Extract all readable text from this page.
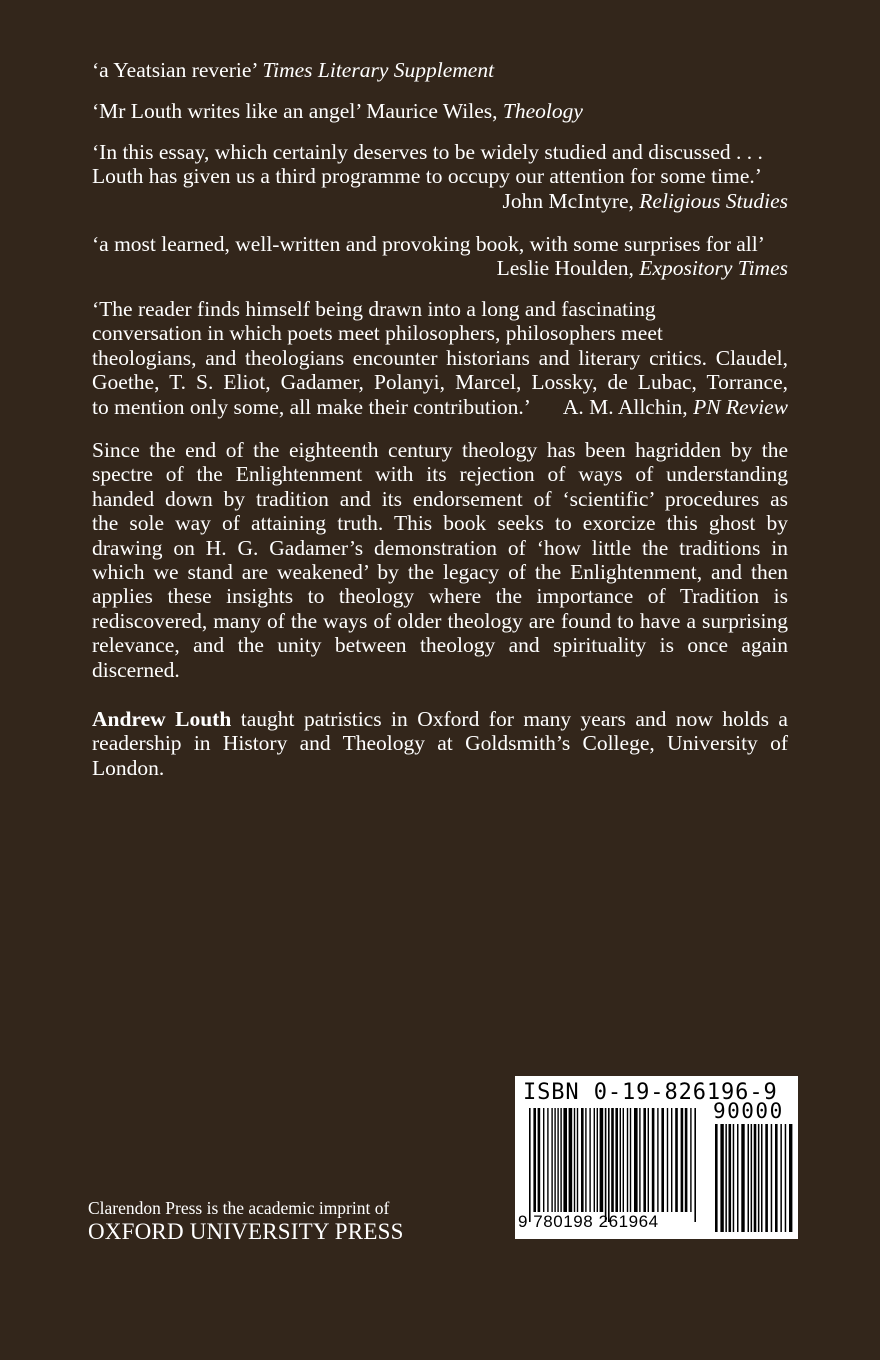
‘a Yeatsian reverie’ Times Literary Supplement

‘Mr Louth writes like an angel’ Maurice Wiles, Theology

‘In this essay, which certainly deserves to be widely studied and discussed . . .
Louth has given us a third programme to occupy our attention for some time.’
John McIntyre, Religious Studies

‘a most learned, well-written and provoking book, with some surprises for all’
Leslie Houlden, Expository Times

‘The reader finds himself being drawn into a long and fascinating
conversation in which poets meet philosophers, philosophers meet
theologians, and theologians encounter historians and literary critics. Claudel,
Goethe, T. S. Eliot, Gadamer, Polanyi, Marcel, Lossky, de Lubac, Torrance,
to mention only some, all make their contribution.’ A. M. Allchin, PN Review

Since the end of the eighteenth century theology has been hagridden by the
spectre of the Enlightenment with its rejection of ways of understanding
handed down by tradition and its endorsement of ‘scientific’ procedures as
the sole way of attaining truth. This book seeks to exorcize this ghost by
drawing on H. G. Gadamer’s demonstration of ‘how little the traditions in
which we stand are weakened’ by the legacy of the Enlightenment, and then
applies these insights to theology where the importance of Tradition is
rediscovered, many of the ways of older theology are found to have a surprising
relevance, and the unity between theology and spirituality is once again
discerned.

Andrew Louth taught patristics in Oxford for many years and now holds a
readership in History and Theology at Goldsmith’s College, University of
London.

Clarendon Press is the academic imprint of
OXFORD UNIVERSITY PRESS
ISBN 0-19-826196-9
90000
9 780198 261964
